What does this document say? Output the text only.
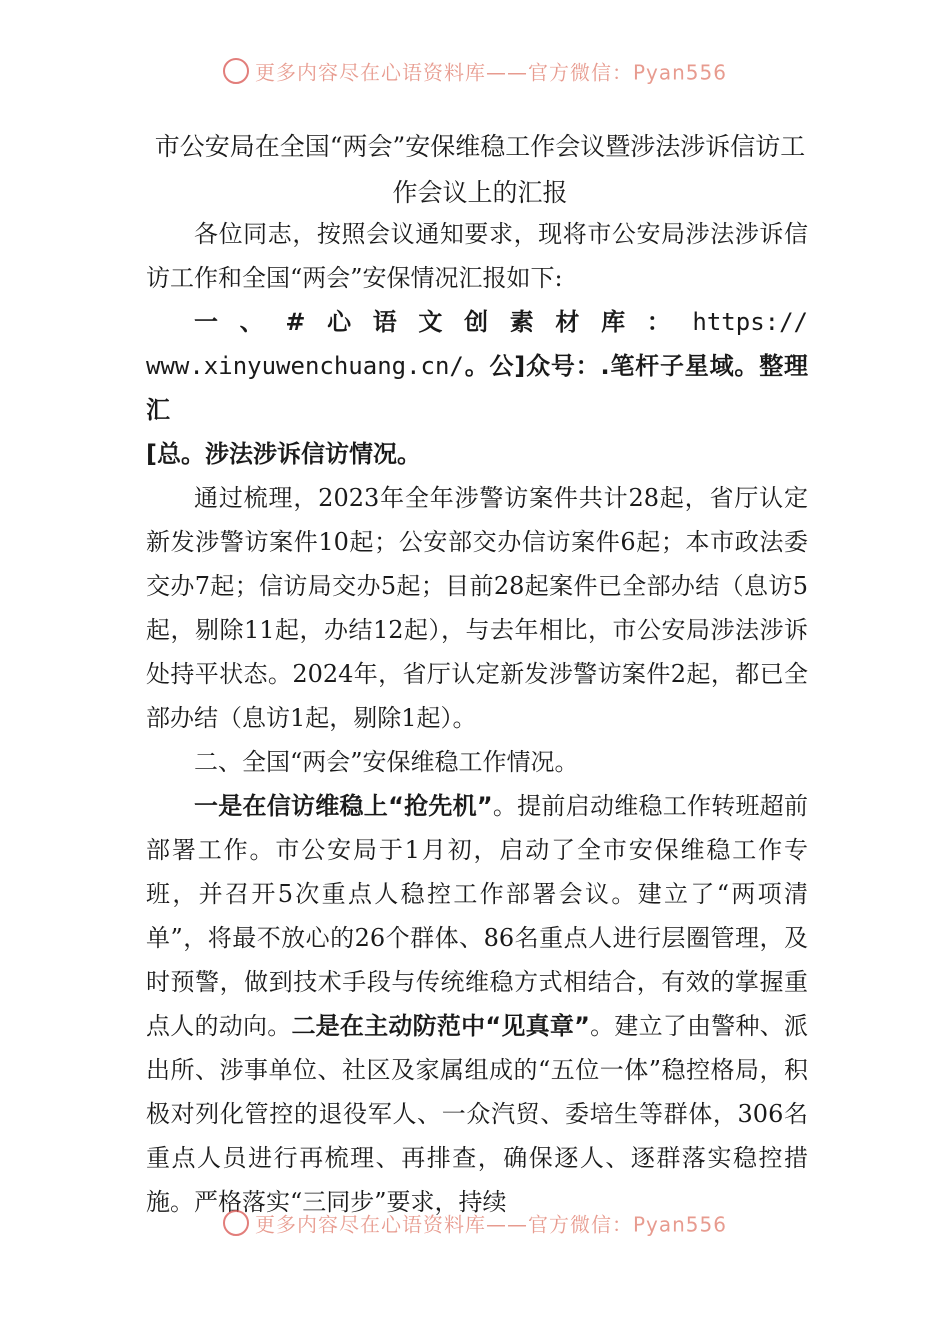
更多内容尽在心语资料库——官方微信：Pyan556
市公安局在全国“两会”安保维稳工作会议暨涉法涉诉信访工作会议上的汇报

各位同志，按照会议通知要求，现将市公安局涉法涉诉信访工作和全国“两会”安保情况汇报如下:

一、#心语文创素材库：https://

www.xinyuwenchuang.cn/。公]众号：.笔杆子星域。整理汇

[总。涉法涉诉信访情况。

通过梳理，2023年全年涉警访案件共计28起，省厅认定新发涉警访案件10起；公安部交办信访案件6起；本市政法委交办7起；信访局交办5起；目前28起案件已全部办结（息访5起，剔除11起，办结12起），与去年相比，市公安局涉法涉诉处持平状态。2024年，省厅认定新发涉警访案件2起，都已全部办结（息访1起，剔除1起）。

二、全国“两会”安保维稳工作情况。

一是在信访维稳上“抢先机”。提前启动维稳工作转班超前部署工作。市公安局于1月初，启动了全市安保维稳工作专班，并召开5次重点人稳控工作部署会议。建立了“两项清单”，将最不放心的26个群体、86名重点人进行层圈管理，及时预警，做到技术手段与传统维稳方式相结合，有效的掌握重点人的动向。二是在主动防范中“见真章”。建立了由警种、派出所、涉事单位、社区及家属组成的“五位一体”稳控格局，积极对列化管控的退役军人、一众汽贸、委培生等群体，306名重点人员进行再梳理、再排查，确保逐人、逐群落实稳控措施。严格落实“三同步”要求，持续

更多内容尽在心语资料库——官方微信：Pyan556
